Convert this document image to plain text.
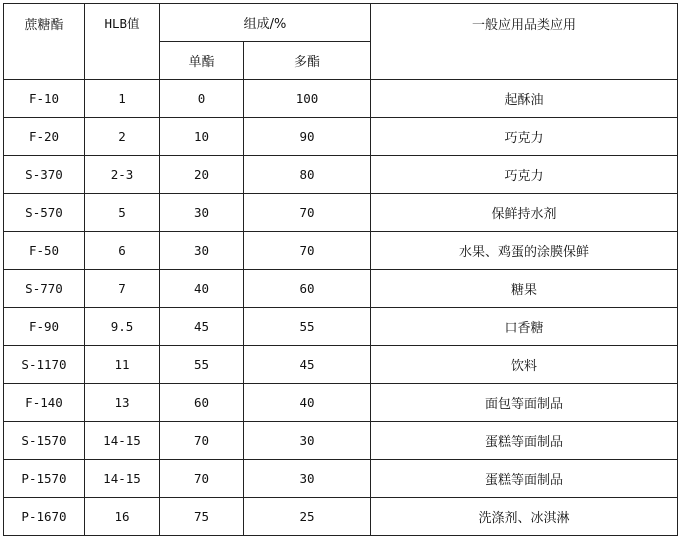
蔗糖酯	HLB值	组成/%		一般应用品类应用
		单酯	多酯	
F-10	1	0	100	起酥油
F-20	2	10	90	巧克力
S-370	2-3	20	80	巧克力
S-570	5	30	70	保鲜持水剂
F-50	6	30	70	水果、鸡蛋的涂膜保鲜
S-770	7	40	60	糖果
F-90	9.5	45	55	口香糖
S-1170	11	55	45	饮料
F-140	13	60	40	面包等面制品
S-1570	14-15	70	30	蛋糕等面制品
P-1570	14-15	70	30	蛋糕等面制品
P-1670	16	75	25	洗涤剂、冰淇淋
